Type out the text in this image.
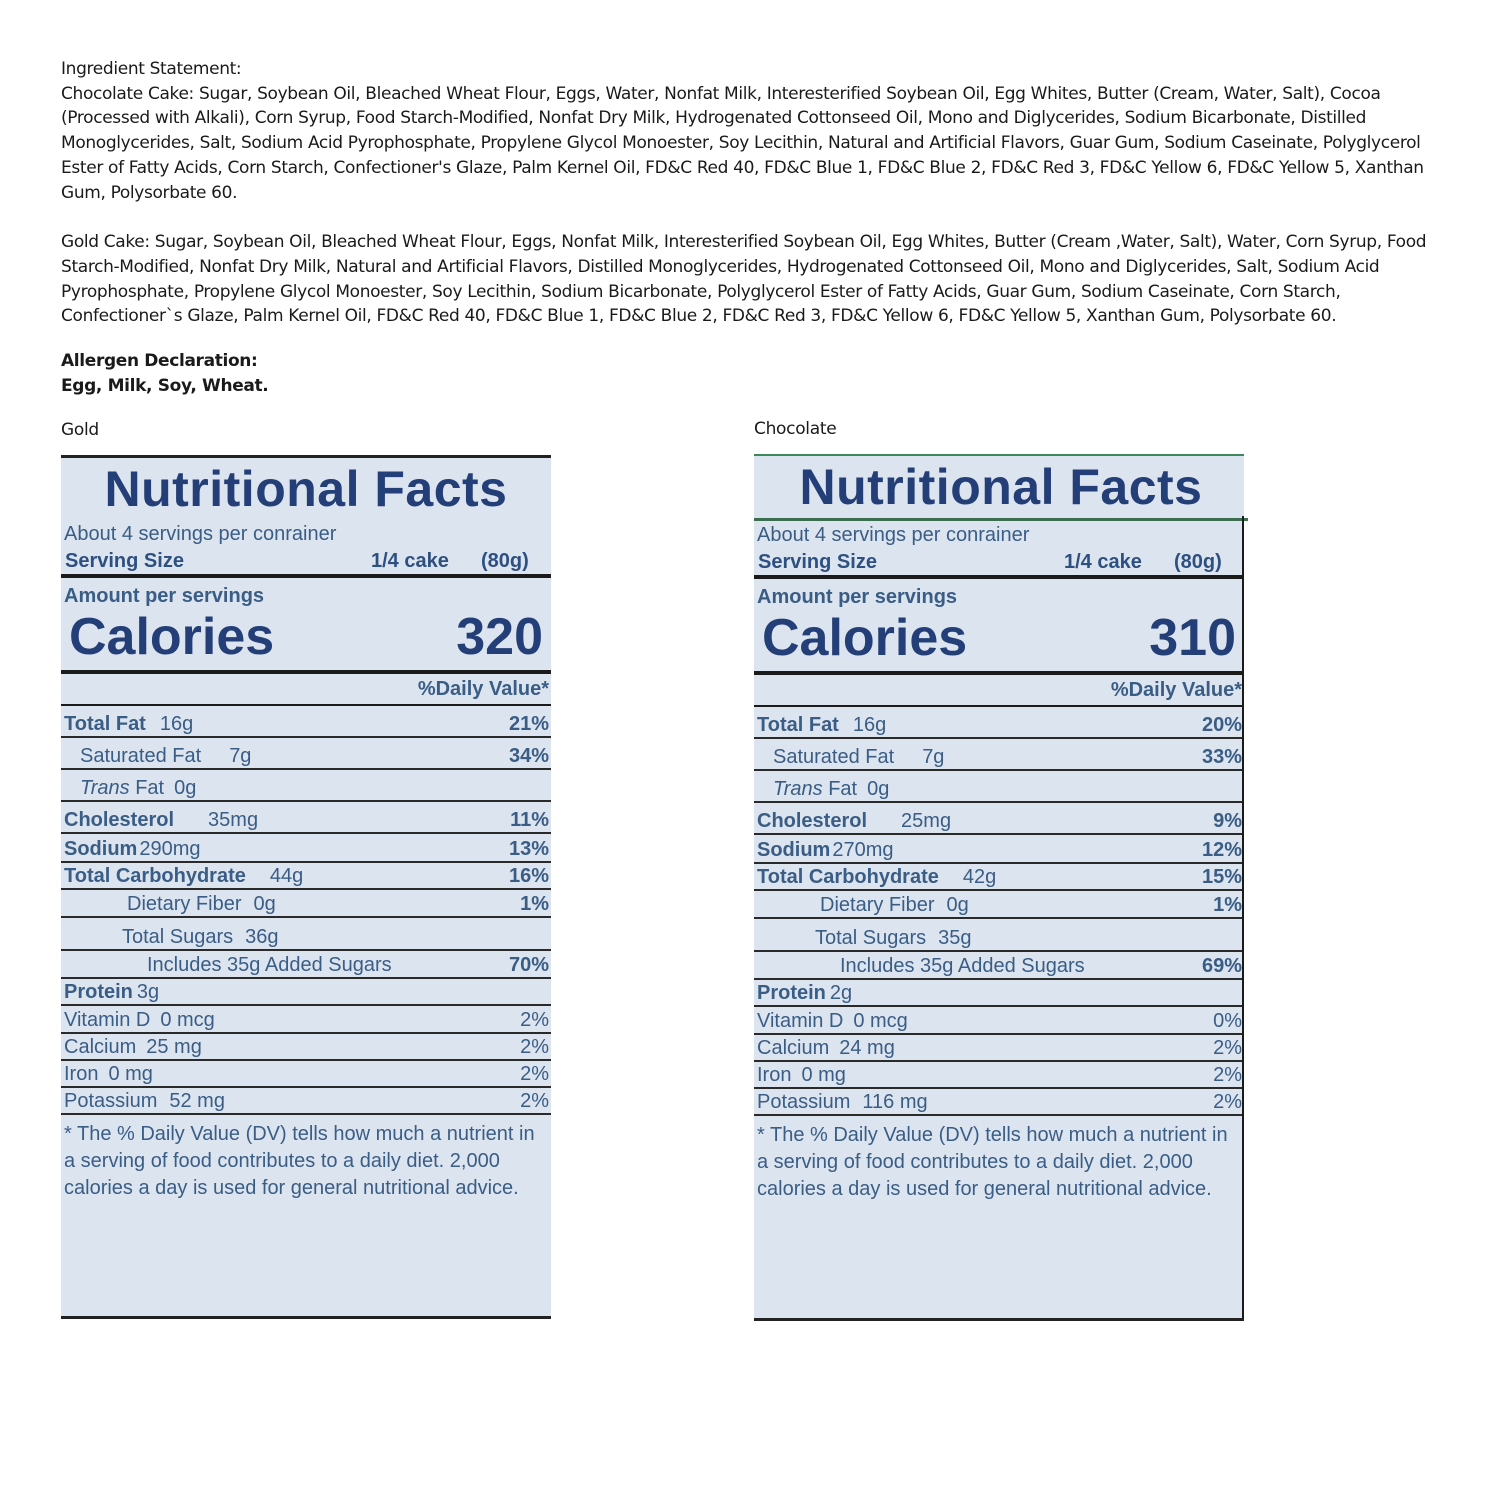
Ingredient Statement:

Chocolate Cake: Sugar, Soybean Oil, Bleached Wheat Flour, Eggs, Water, Nonfat Milk, Interesterified Soybean Oil, Egg Whites, Butter (Cream, Water, Salt), Cocoa (Processed with Alkali), Corn Syrup, Food Starch-Modified, Nonfat Dry Milk, Hydrogenated Cottonseed Oil, Mono and Diglycerides, Sodium Bicarbonate, Distilled Monoglycerides, Salt, Sodium Acid Pyrophosphate, Propylene Glycol Monoester, Soy Lecithin, Natural and Artificial Flavors, Guar Gum, Sodium Caseinate, Polyglycerol Ester of Fatty Acids, Corn Starch, Confectioner's Glaze, Palm Kernel Oil, FD&C Red 40, FD&C Blue 1, FD&C Blue 2, FD&C Red 3, FD&C Yellow 6, FD&C Yellow 5, Xanthan Gum, Polysorbate 60.

Gold Cake: Sugar, Soybean Oil, Bleached Wheat Flour, Eggs, Nonfat Milk, Interesterified Soybean Oil, Egg Whites, Butter (Cream ,Water, Salt), Water, Corn Syrup, Food Starch-Modified, Nonfat Dry Milk, Natural and Artificial Flavors, Distilled Monoglycerides, Hydrogenated Cottonseed Oil, Mono and Diglycerides, Salt, Sodium Acid Pyrophosphate, Propylene Glycol Monoester, Soy Lecithin, Sodium Bicarbonate, Polyglycerol Ester of Fatty Acids, Guar Gum, Sodium Caseinate, Corn Starch, Confectioner`s Glaze, Palm Kernel Oil, FD&C Red 40, FD&C Blue 1, FD&C Blue 2, FD&C Red 3, FD&C Yellow 6, FD&C Yellow 5, Xanthan Gum, Polysorbate 60.

Allergen Declaration:

Egg, Milk, Soy, Wheat.

Gold	Chocolate
Nutritional Facts
About 4 servings per conrainer
Serving Size	1/4 cake	(80g)
Amount per servings
Calories	320
%Daily Value*
Total Fat 16g	21%
Saturated Fat 7g	34%
Trans Fat 0g
Cholesterol 35mg	11%
Sodium 290mg	13%
Total Carbohydrate 44g	16%
Dietary Fiber 0g	1%
Total Sugars 36g
Includes 35g Added Sugars	70%
Protein 3g
Vitamin D 0 mcg	2%
Calcium 25 mg	2%
Iron 0 mg	2%
Potassium 52 mg	2%
* The % Daily Value (DV) tells how much a nutrient in a serving of food contributes to a daily diet. 2,000 calories a day is used for general nutritional advice.
Nutritional Facts
About 4 servings per conrainer
Serving Size	1/4 cake	(80g)
Amount per servings
Calories	310
%Daily Value*
Total Fat 16g	20%
Saturated Fat 7g	33%
Trans Fat 0g
Cholesterol 25mg	9%
Sodium 270mg	12%
Total Carbohydrate 42g	15%
Dietary Fiber 0g	1%
Total Sugars 35g
Includes 35g Added Sugars	69%
Protein 2g
Vitamin D 0 mcg	0%
Calcium 24 mg	2%
Iron 0 mg	2%
Potassium 116 mg	2%
* The % Daily Value (DV) tells how much a nutrient in a serving of food contributes to a daily diet. 2,000 calories a day is used for general nutritional advice.
